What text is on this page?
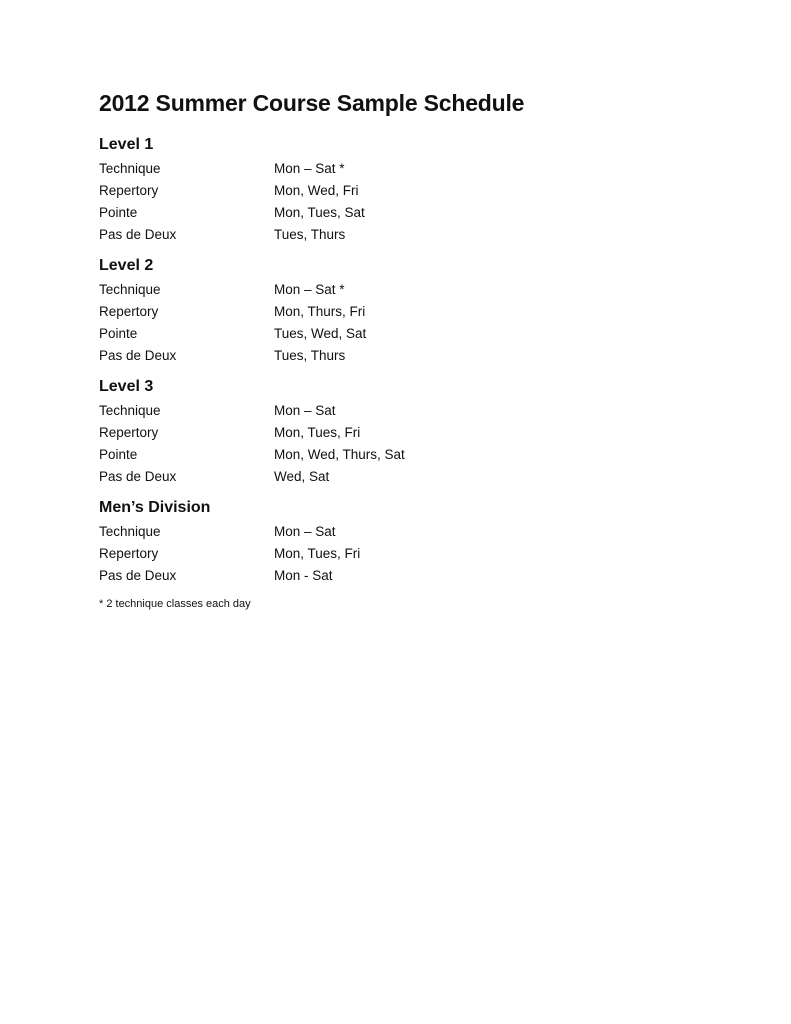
2012 Summer Course Sample Schedule
Level 1
Technique	Mon – Sat *
Repertory	Mon, Wed, Fri
Pointe	Mon, Tues, Sat
Pas de Deux	Tues, Thurs
Level 2
Technique	Mon – Sat *
Repertory	Mon, Thurs, Fri
Pointe	Tues, Wed, Sat
Pas de Deux	Tues, Thurs
Level 3
Technique	Mon – Sat
Repertory	Mon, Tues, Fri
Pointe	Mon, Wed, Thurs, Sat
Pas de Deux	Wed, Sat
Men’s Division
Technique	Mon – Sat
Repertory	Mon, Tues, Fri
Pas de Deux	Mon - Sat
* 2 technique classes each day
